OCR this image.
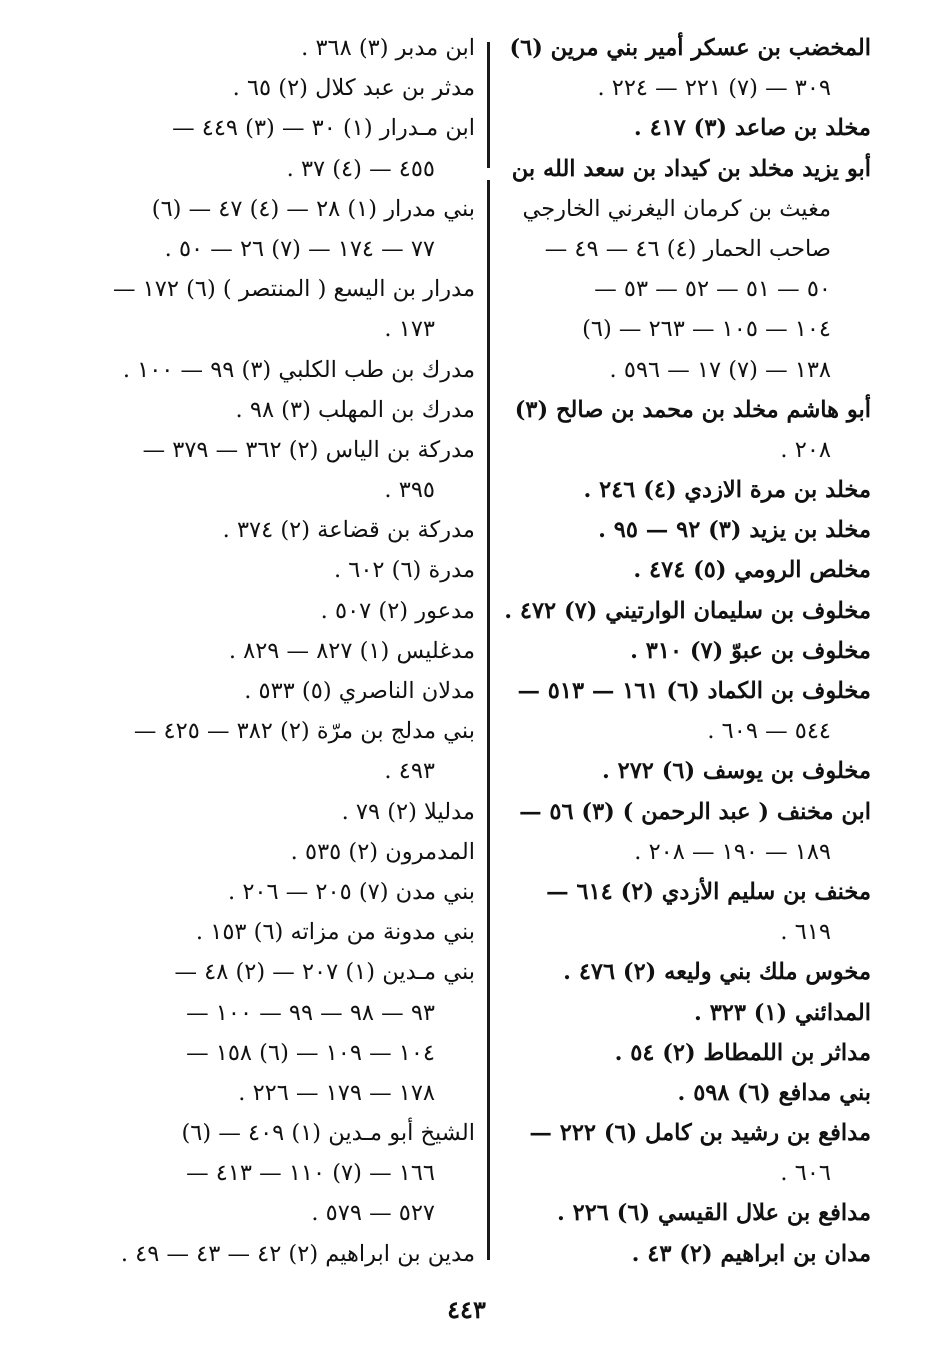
المخضب بن عسكر أمير بني مرين (٦)
٣٠٩ — (٧) ٢٢١ — ٢٢٤ .
مخلد بن صاعد (٣) ٤١٧ .
أبو يزيد مخلد بن كيداد بن سعد الله بن
مغيث بن كرمان اليغرني الخارجي
صاحب الحمار (٤) ٤٦ — ٤٩ —
٥٠ — ٥١ — ٥٢ — ٥٣ —
١٠٤ — ١٠٥ — ٢٦٣ — (٦)
١٣٨ — (٧) ١٧ — ٥٩٦ .
أبو هاشم مخلد بن محمد بن صالح (٣)
٢٠٨ .
مخلد بن مرة الازدي (٤) ٢٤٦ .
مخلد بن يزيد (٣) ٩٢ — ٩٥ .
مخلص الرومي (٥) ٤٧٤ .
مخلوف بن سليمان الوارتيني (٧) ٤٧٢ .
مخلوف بن عبوّ (٧) ٣١٠ .
مخلوف بن الكماد (٦) ١٦١ — ٥١٣ —
٥٤٤ — ٦٠٩ .
مخلوف بن يوسف (٦) ٢٧٢ .
ابن مخنف ( عبد الرحمن ) (٣) ٥٦ —
١٨٩ — ١٩٠ — ٢٠٨ .
مخنف بن سليم الأزدي (٢) ٦١٤ —
٦١٩ .
مخوس ملك بني وليعه (٢) ٤٧٦ .
المدائني (١) ٣٢٣ .
مداثر بن اللمطاط (٢) ٥٤ .
بني مدافع (٦) ٥٩٨ .
مدافع بن رشيد بن كامل (٦) ٢٢٢ —
٦٠٦ .
مدافع بن علال القيسي (٦) ٢٢٦ .
مدان بن ابراهيم (٢) ٤٣ .
ابن مدبر (٣) ٣٦٨ .
مدثر بن عبد كلال (٢) ٦٥ .
ابن مـدرار (١) ٣٠ — (٣) ٤٤٩ —
٤٥٥ — (٤) ٣٧ .
بني مدرار (١) ٢٨ — (٤) ٤٧ — (٦)
٧٧ — ١٧٤ — (٧) ٢٦ — ٥٠ .
مدرار بن اليسع ( المنتصر ) (٦) ١٧٢ —
١٧٣ .
مدرك بن طب الكلبي (٣) ٩٩ — ١٠٠ .
مدرك بن المهلب (٣) ٩٨ .
مدركة بن الياس (٢) ٣٦٢ — ٣٧٩ —
٣٩٥ .
مدركة بن قضاعة (٢) ٣٧٤ .
مدرة (٦) ٦٠٢ .
مدعور (٢) ٥٠٧ .
مدغليس (١) ٨٢٧ — ٨٢٩ .
مدلان الناصري (٥) ٥٣٣ .
بني مدلج بن مرّة (٢) ٣٨٢ — ٤٢٥ —
٤٩٣ .
مدليلا (٢) ٧٩ .
المدمرون (٢) ٥٣٥ .
بني مدن (٧) ٢٠٥ — ٢٠٦ .
بني مدونة من مزاته (٦) ١٥٣ .
بني مـدين (١) ٢٠٧ — (٢) ٤٨ —
٩٣ — ٩٨ — ٩٩ — ١٠٠ —
١٠٤ — ١٠٩ — (٦) ١٥٨ —
١٧٨ — ١٧٩ — ٢٢٦ .
الشيخ أبو مـدين (١) ٤٠٩ — (٦)
١٦٦ — (٧) ١١٠ — ٤١٣ —
٥٢٧ — ٥٧٩ .
مدين بن ابراهيم (٢) ٤٢ — ٤٣ — ٤٩ .
٤٤٣
